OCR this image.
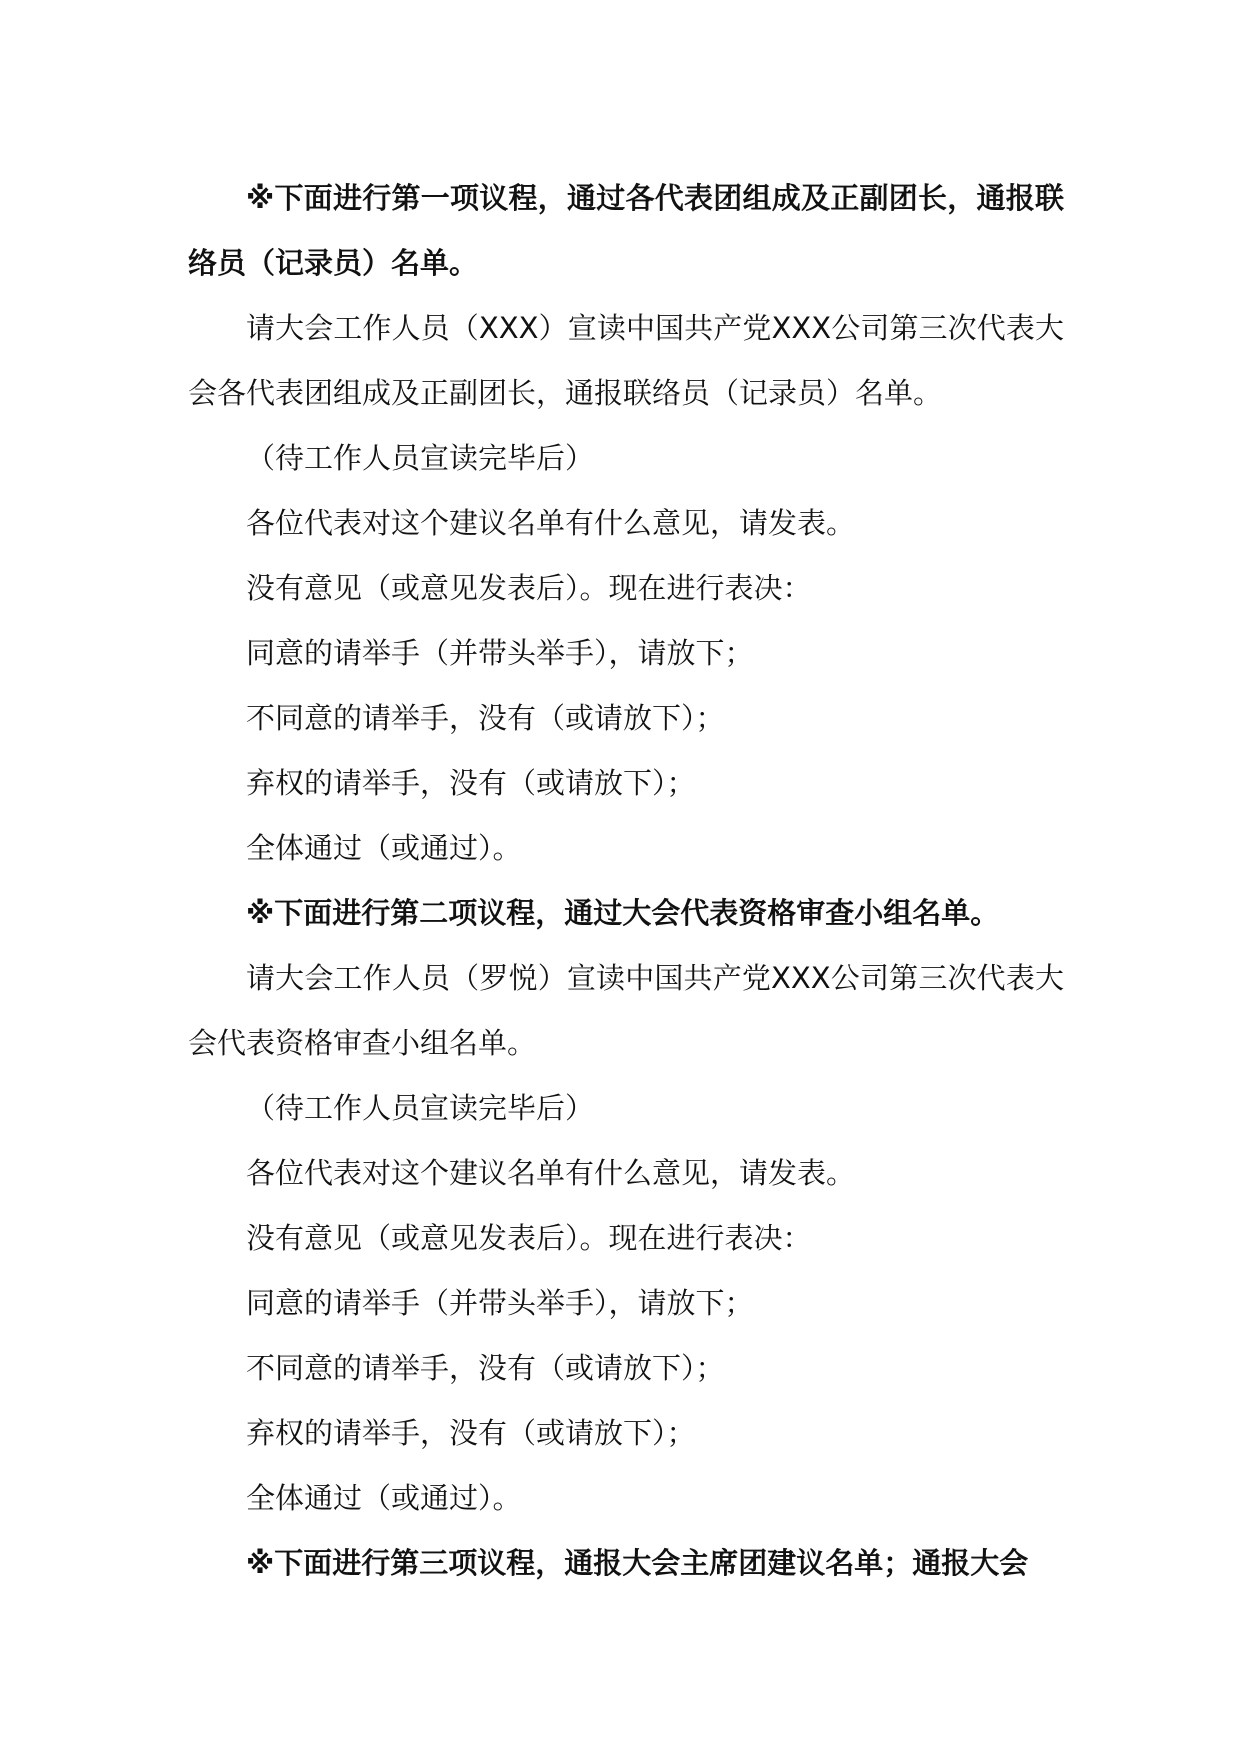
※下面进行第一项议程，通过各代表团组成及正副团长，通报联络员（记录员）名单。

请大会工作人员（XXX）宣读中国共产党XXX公司第三次代表大会各代表团组成及正副团长，通报联络员（记录员）名单。

（待工作人员宣读完毕后）

各位代表对这个建议名单有什么意见，请发表。

没有意见（或意见发表后）。现在进行表决：

同意的请举手（并带头举手），请放下；

不同意的请举手，没有（或请放下）；

弃权的请举手，没有（或请放下）；

全体通过（或通过）。

※下面进行第二项议程，通过大会代表资格审查小组名单。

请大会工作人员（罗悦）宣读中国共产党XXX公司第三次代表大会代表资格审查小组名单。

（待工作人员宣读完毕后）

各位代表对这个建议名单有什么意见，请发表。

没有意见（或意见发表后）。现在进行表决：

同意的请举手（并带头举手），请放下；

不同意的请举手，没有（或请放下）；

弃权的请举手，没有（或请放下）；

全体通过（或通过）。

※下面进行第三项议程，通报大会主席团建议名单；通报大会
